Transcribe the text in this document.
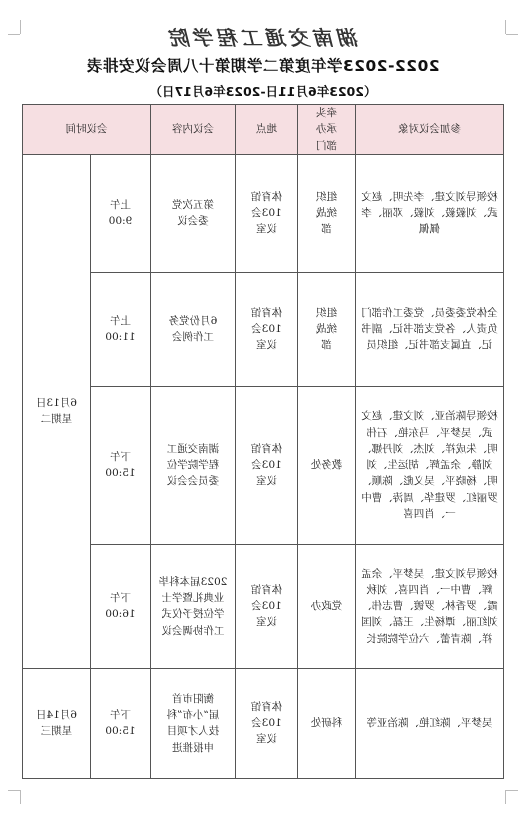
湖南交通工程学院
2022-2023学年度第二学期第十八周会议安排表
（2023年6月11日-2023年6月17日）
参加会议对象	牵头承办部门	地点	会议内容	会议时间	
校领导刘文建、李先明、赵文武、刘毅毅、刘毅、邓丽、李佩佩	组织统战部	体育馆103会议室	第五次党委会议	上午9:00	6月13日
星期二

全体党委委员、党委工作部门负责人、各党支部书记、副书记、直属支部书记、组织员	组织统战部	体育馆103会议室	6月份党务工作例会	上午11:00	

校领导陈治亚、刘文建、赵文武、吴梦平、马东艳、石伟明、朱成祥、刘杰、刘丹娜、刘静、余孟辉、胡运生、刘明、杨晓平、吴义彪、陈顺、罗丽红、罗建华、周涛、曹中一、肖四喜	教务处	体育馆103会议室	湖南交通工程学院学位委员会会议	下午15:00	

校领导刘文建、吴梦平、余孟辉、曹中一、肖四喜、刘秋霞、罗香林、罗镀、曹志伟、刘红丽、谭杨生、王磊、刘国祥、陈青蕾、六位学院院长	党政办	体育馆103会议室	2023届本科毕业典礼暨学士学位授予仪式工作协调会议	下午16:00	

吴梦平、陈红艳、陈治亚等	科研处	体育馆103会议室	衡阳市首届“小布”科技人才项目申报推进	下午15:00	6月14日
星期三
